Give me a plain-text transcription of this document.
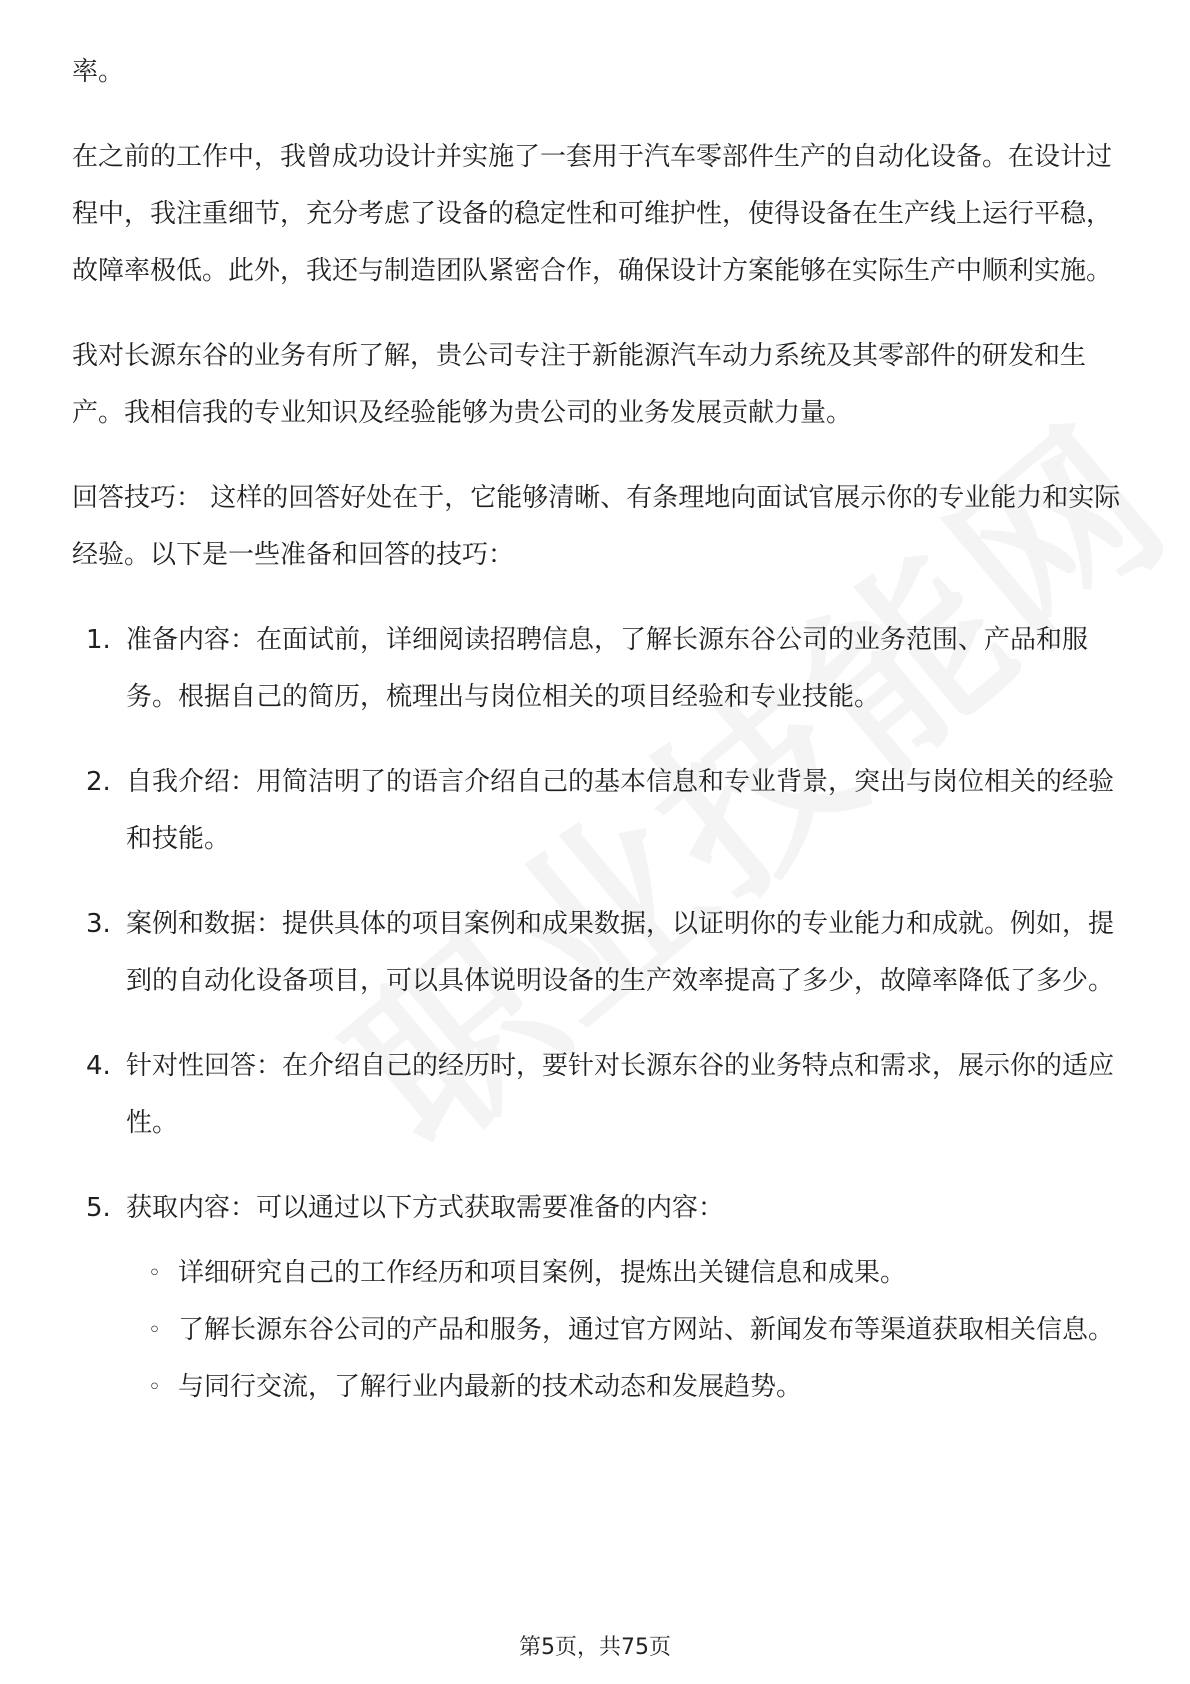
率。

在之前的工作中，我曾成功设计并实施了一套用于汽车零部件生产的自动化设备。在设计过程中，我注重细节，充分考虑了设备的稳定性和可维护性，使得设备在生产线上运行平稳，故障率极低。此外，我还与制造团队紧密合作，确保设计方案能够在实际生产中顺利实施。

我对长源东谷的业务有所了解，贵公司专注于新能源汽车动力系统及其零部件的研发和生产。我相信我的专业知识及经验能够为贵公司的业务发展贡献力量。

回答技巧： 这样的回答好处在于，它能够清晰、有条理地向面试官展示你的专业能力和实际经验。以下是一些准备和回答的技巧：

1. 准备内容：在面试前，详细阅读招聘信息，了解长源东谷公司的业务范围、产品和服务。根据自己的简历，梳理出与岗位相关的项目经验和专业技能。
2. 自我介绍：用简洁明了的语言介绍自己的基本信息和专业背景，突出与岗位相关的经验和技能。
3. 案例和数据：提供具体的项目案例和成果数据，以证明你的专业能力和成就。例如，提到的自动化设备项目，可以具体说明设备的生产效率提高了多少，故障率降低了多少。
4. 针对性回答：在介绍自己的经历时，要针对长源东谷的业务特点和需求，展示你的适应性。
5. 获取内容：可以通过以下方式获取需要准备的内容：
◦ 详细研究自己的工作经历和项目案例，提炼出关键信息和成果。
◦ 了解长源东谷公司的产品和服务，通过官方网站、新闻发布等渠道获取相关信息。
◦ 与同行交流，了解行业内最新的技术动态和发展趋势。
第5页，共75页
